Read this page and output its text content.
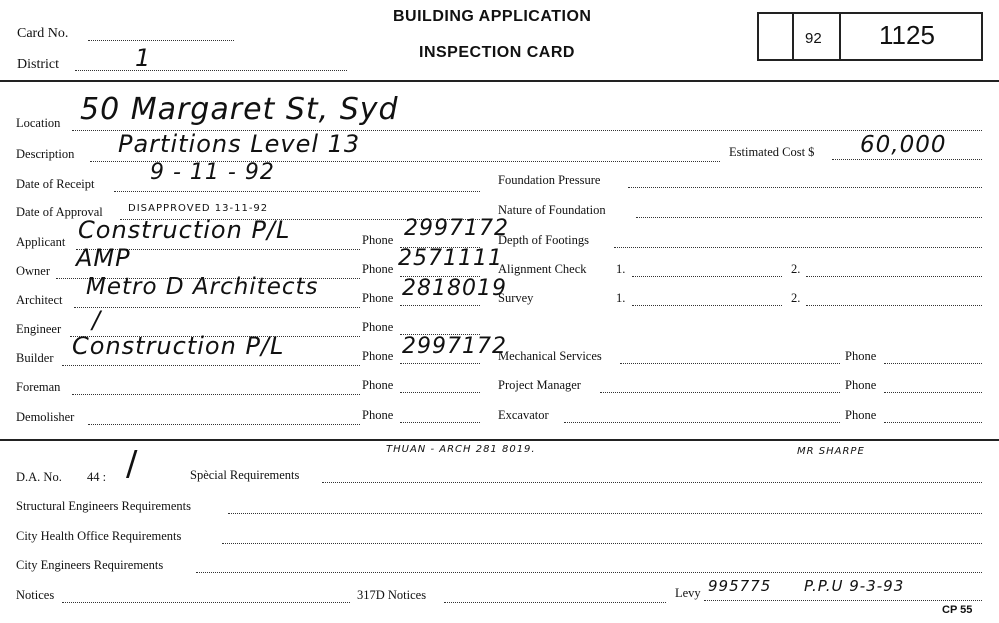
Card No.
District	1
BUILDING APPLICATION
INSPECTION CARD
92 1125
Location 50 Margaret St, Syd
Description Partitions Level 13	Estimated Cost $ 60,000
Date of Receipt	9 - 11 - 92	Foundation Pressure
Date of Approval	DISAPPROVED 13-11-92	Nature of Foundation
Applicant Construction P/L	Phone 2997172
Depth of Footings
Owner AMP	Phone 2571111
Alignment Check 1.	2.
Architect Metro D Architects	Phone 2818019
Survey	1.	2.
Engineer /	Phone
Builder Construction P/L	Phone 2997172
Mechanical Services	Phone
Foreman	Phone	Project Manager	Phone
Demolisher	Phone	Excavator	Phone
THUAN - ARCH 281 8019.	MR SHARPE
D.A. No. 44 : /	Spècial Requirements
Structural Engineers Requirements
City Health Office Requirements
City Engineers Requirements
Notices	317D Notices	Levy 995775 P.P.U 9-3-93
CP 55
